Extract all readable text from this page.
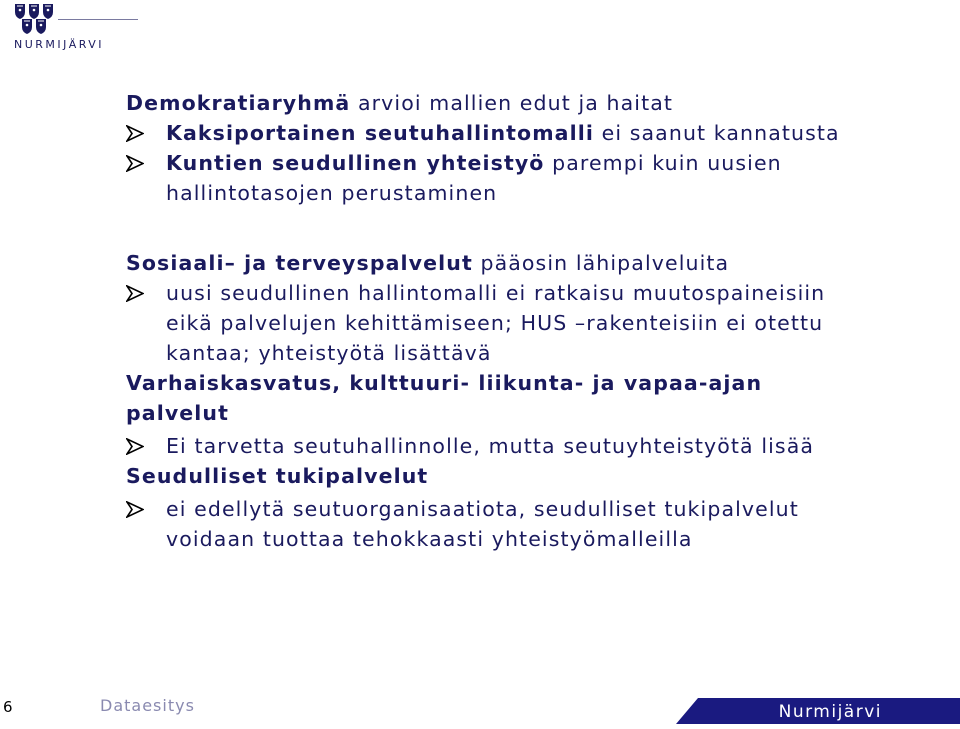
NURMIJÄRVI
Demokratiaryhmä arvioi mallien edut ja haitat
Kaksiportainen seutuhallintomalli ei saanut kannatusta
Kuntien seudullinen yhteistyö parempi kuin uusien hallintotasojen perustaminen
Sosiaali– ja terveyspalvelut pääosin lähipalveluita
uusi seudullinen hallintomalli ei ratkaisu muutospaineisiin eikä palvelujen kehittämiseen; HUS –rakenteisiin ei otettu kantaa; yhteistyötä lisättävä
Varhaiskasvatus, kulttuuri- liikunta- ja vapaa-ajan palvelut
Ei tarvetta seutuhallinnolle, mutta seutuyhteistyötä lisää
Seudulliset tukipalvelut
ei edellytä seutuorganisaatiota, seudulliset tukipalvelut voidaan tuottaa tehokkaasti yhteistyömalleilla
6	Dataesitys	Nurmijärvi
